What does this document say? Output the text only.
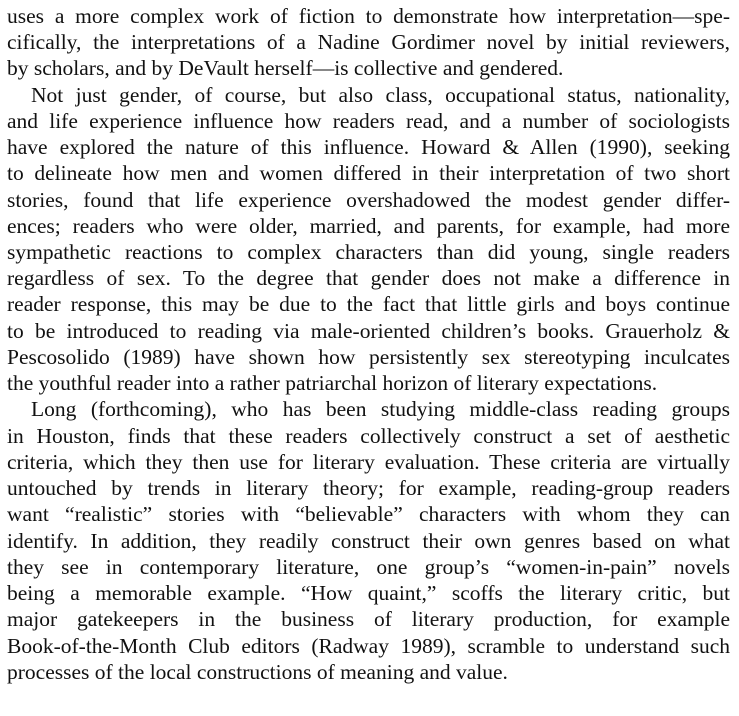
uses a more complex work of fiction to demonstrate how interpretation—spe-
cifically, the interpretations of a Nadine Gordimer novel by initial reviewers,
by scholars, and by DeVault herself—is collective and gendered.
Not just gender, of course, but also class, occupational status, nationality,
and life experience influence how readers read, and a number of sociologists
have explored the nature of this influence. Howard & Allen (1990), seeking
to delineate how men and women differed in their interpretation of two short
stories, found that life experience overshadowed the modest gender differ-
ences; readers who were older, married, and parents, for example, had more
sympathetic reactions to complex characters than did young, single readers
regardless of sex. To the degree that gender does not make a difference in
reader response, this may be due to the fact that little girls and boys continue
to be introduced to reading via male-oriented children’s books. Grauerholz &
Pescosolido (1989) have shown how persistently sex stereotyping inculcates
the youthful reader into a rather patriarchal horizon of literary expectations.
Long (forthcoming), who has been studying middle-class reading groups
in Houston, finds that these readers collectively construct a set of aesthetic
criteria, which they then use for literary evaluation. These criteria are virtually
untouched by trends in literary theory; for example, reading-group readers
want “realistic” stories with “believable” characters with whom they can
identify. In addition, they readily construct their own genres based on what
they see in contemporary literature, one group’s “women-in-pain” novels
being a memorable example. “How quaint,” scoffs the literary critic, but
major gatekeepers in the business of literary production, for example
Book-of-the-Month Club editors (Radway 1989), scramble to understand such
processes of the local constructions of meaning and value.
